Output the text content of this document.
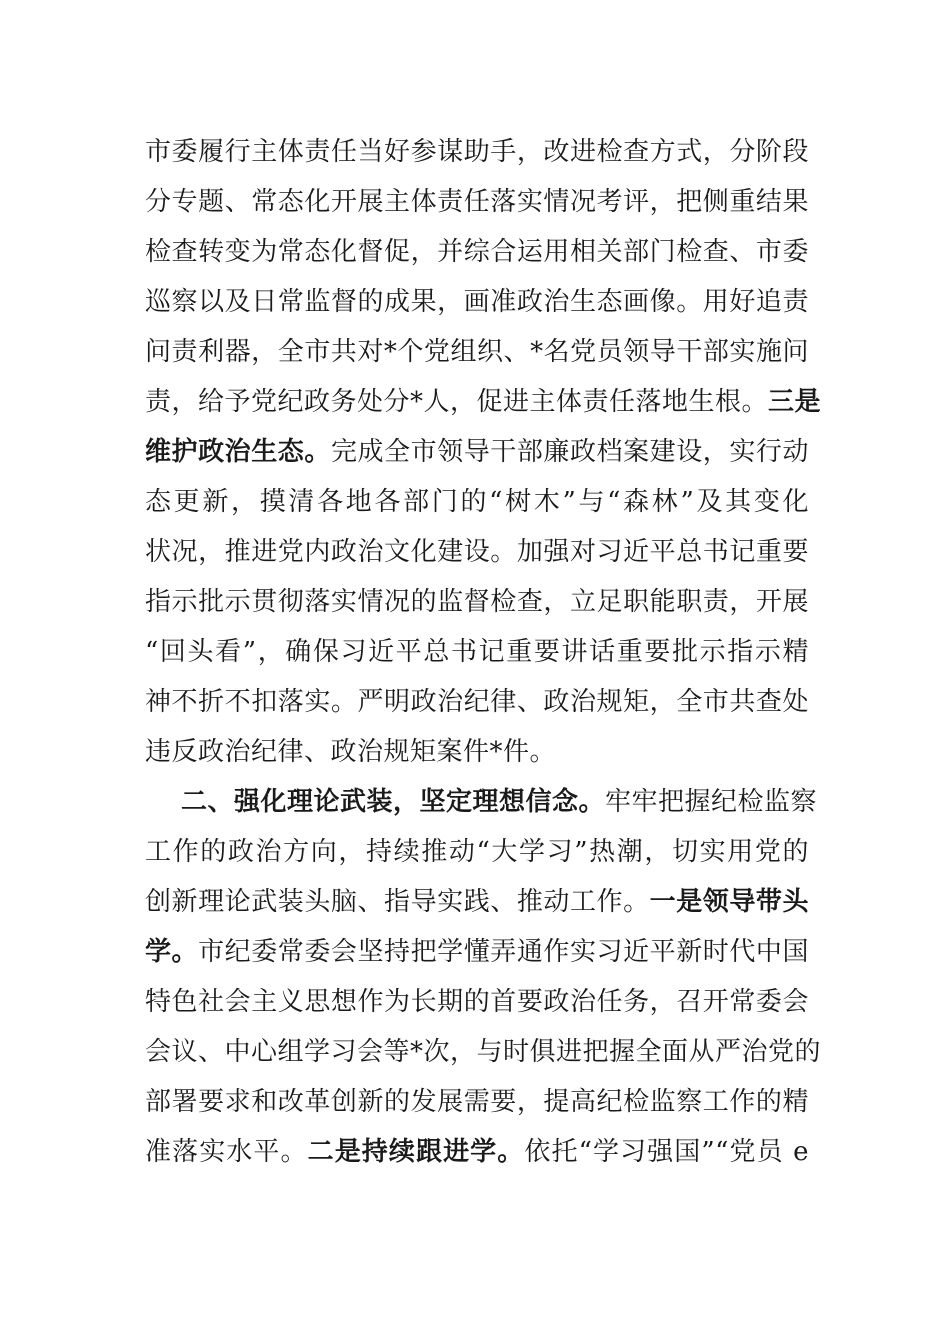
市委履行主体责任当好参谋助手，改进检查方式，分阶段
分专题、常态化开展主体责任落实情况考评，把侧重结果
检查转变为常态化督促，并综合运用相关部门检查、市委
巡察以及日常监督的成果，画准政治生态画像。用好追责
问责利器，全市共对*个党组织、*名党员领导干部实施问
责，给予党纪政务处分*人，促进主体责任落地生根。三是
维护政治生态。完成全市领导干部廉政档案建设，实行动
态更新，摸清各地各部门的“树木”与“森林”及其变化
状况，推进党内政治文化建设。加强对习近平总书记重要
指示批示贯彻落实情况的监督检查，立足职能职责，开展
“回头看”，确保习近平总书记重要讲话重要批示指示精
神不折不扣落实。严明政治纪律、政治规矩，全市共查处
违反政治纪律、政治规矩案件*件。
二、强化理论武装，坚定理想信念。牢牢把握纪检监察
工作的政治方向，持续推动“大学习”热潮，切实用党的
创新理论武装头脑、指导实践、推动工作。一是领导带头
学。市纪委常委会坚持把学懂弄通作实习近平新时代中国
特色社会主义思想作为长期的首要政治任务，召开常委会
会议、中心组学习会等*次，与时俱进把握全面从严治党的
部署要求和改革创新的发展需要，提高纪检监察工作的精
准落实水平。二是持续跟进学。依托“学习强国”“党员 e
